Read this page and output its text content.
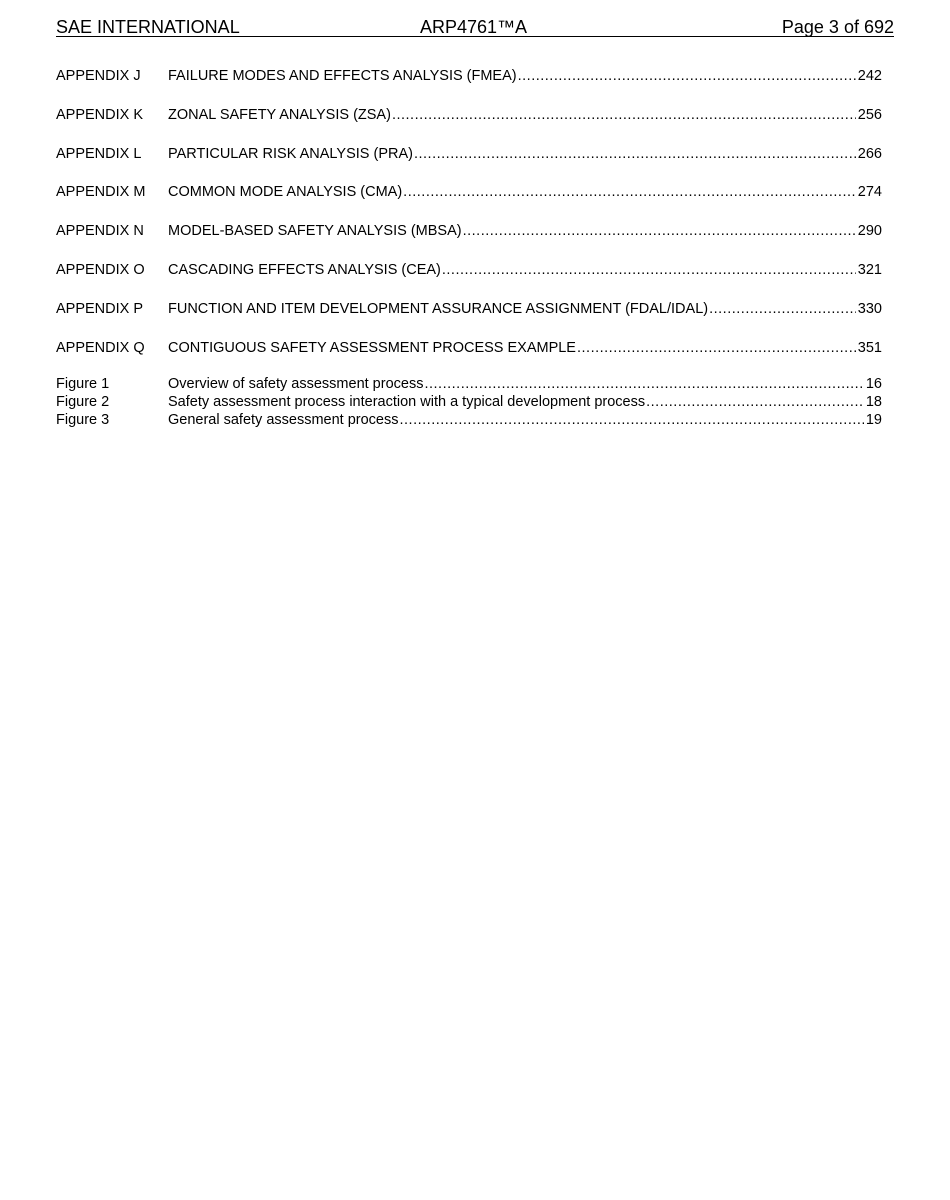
SAE INTERNATIONAL	ARP4761™A	Page 3 of 692
APPENDIX J	FAILURE MODES AND EFFECTS ANALYSIS (FMEA) .....	242
APPENDIX K	ZONAL SAFETY ANALYSIS (ZSA) .....	256
APPENDIX L	PARTICULAR RISK ANALYSIS (PRA) .....	266
APPENDIX M	COMMON MODE ANALYSIS (CMA) .....	274
APPENDIX N	MODEL-BASED SAFETY ANALYSIS (MBSA) .....	290
APPENDIX O	CASCADING EFFECTS ANALYSIS (CEA) .....	321
APPENDIX P	FUNCTION AND ITEM DEVELOPMENT ASSURANCE ASSIGNMENT (FDAL/IDAL) .....	330
APPENDIX Q	CONTIGUOUS SAFETY ASSESSMENT PROCESS EXAMPLE .....	351
Figure 1	Overview of safety assessment process .....	16
Figure 2	Safety assessment process interaction with a typical development process .....	18
Figure 3	General safety assessment process .....	19
